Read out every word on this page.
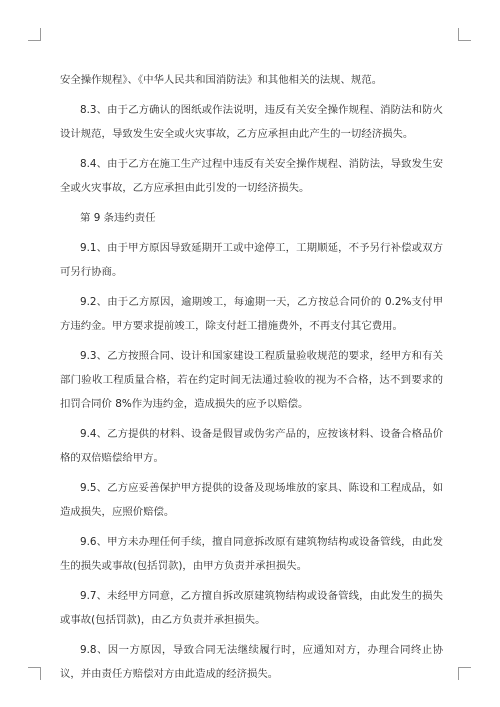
安全操作规程》、《中华人民共和国消防法》和其他相关的法规、规范。

8.3、由于乙方确认的图纸或作法说明，违反有关安全操作规程、消防法和防火设计规范，导致发生安全或火灾事故，乙方应承担由此产生的一切经济损失。

8.4、由于乙方在施工生产过程中违反有关安全操作规程、消防法，导致发生安全或火灾事故，乙方应承担由此引发的一切经济损失。

第 9 条违约责任

9.1、由于甲方原因导致延期开工或中途停工，工期顺延，不予另行补偿或双方可另行协商。

9.2、由于乙方原因，逾期竣工，每逾期一天，乙方按总合同价的 0.2%支付甲方违约金。甲方要求提前竣工，除支付赶工措施费外，不再支付其它费用。

9.3、乙方按照合同、设计和国家建设工程质量验收规范的要求，经甲方和有关部门验收工程质量合格，若在约定时间无法通过验收的视为不合格，达不到要求的扣罚合同价 8%作为违约金，造成损失的应予以赔偿。

9.4、乙方提供的材料、设备是假冒或伪劣产品的，应按该材料、设备合格品价格的双倍赔偿给甲方。

9.5、乙方应妥善保护甲方提供的设备及现场堆放的家具、陈设和工程成品，如造成损失，应照价赔偿。

9.6、甲方未办理任何手续，擅自同意拆改原有建筑物结构或设备管线，由此发生的损失或事故(包括罚款)，由甲方负责并承担损失。

9.7、未经甲方同意，乙方擅自拆改原建筑物结构或设备管线，由此发生的损失或事故(包括罚款)，由乙方负责并承担损失。

9.8、因一方原因，导致合同无法继续履行时，应通知对方，办理合同终止协议，并由责任方赔偿对方由此造成的经济损失。
